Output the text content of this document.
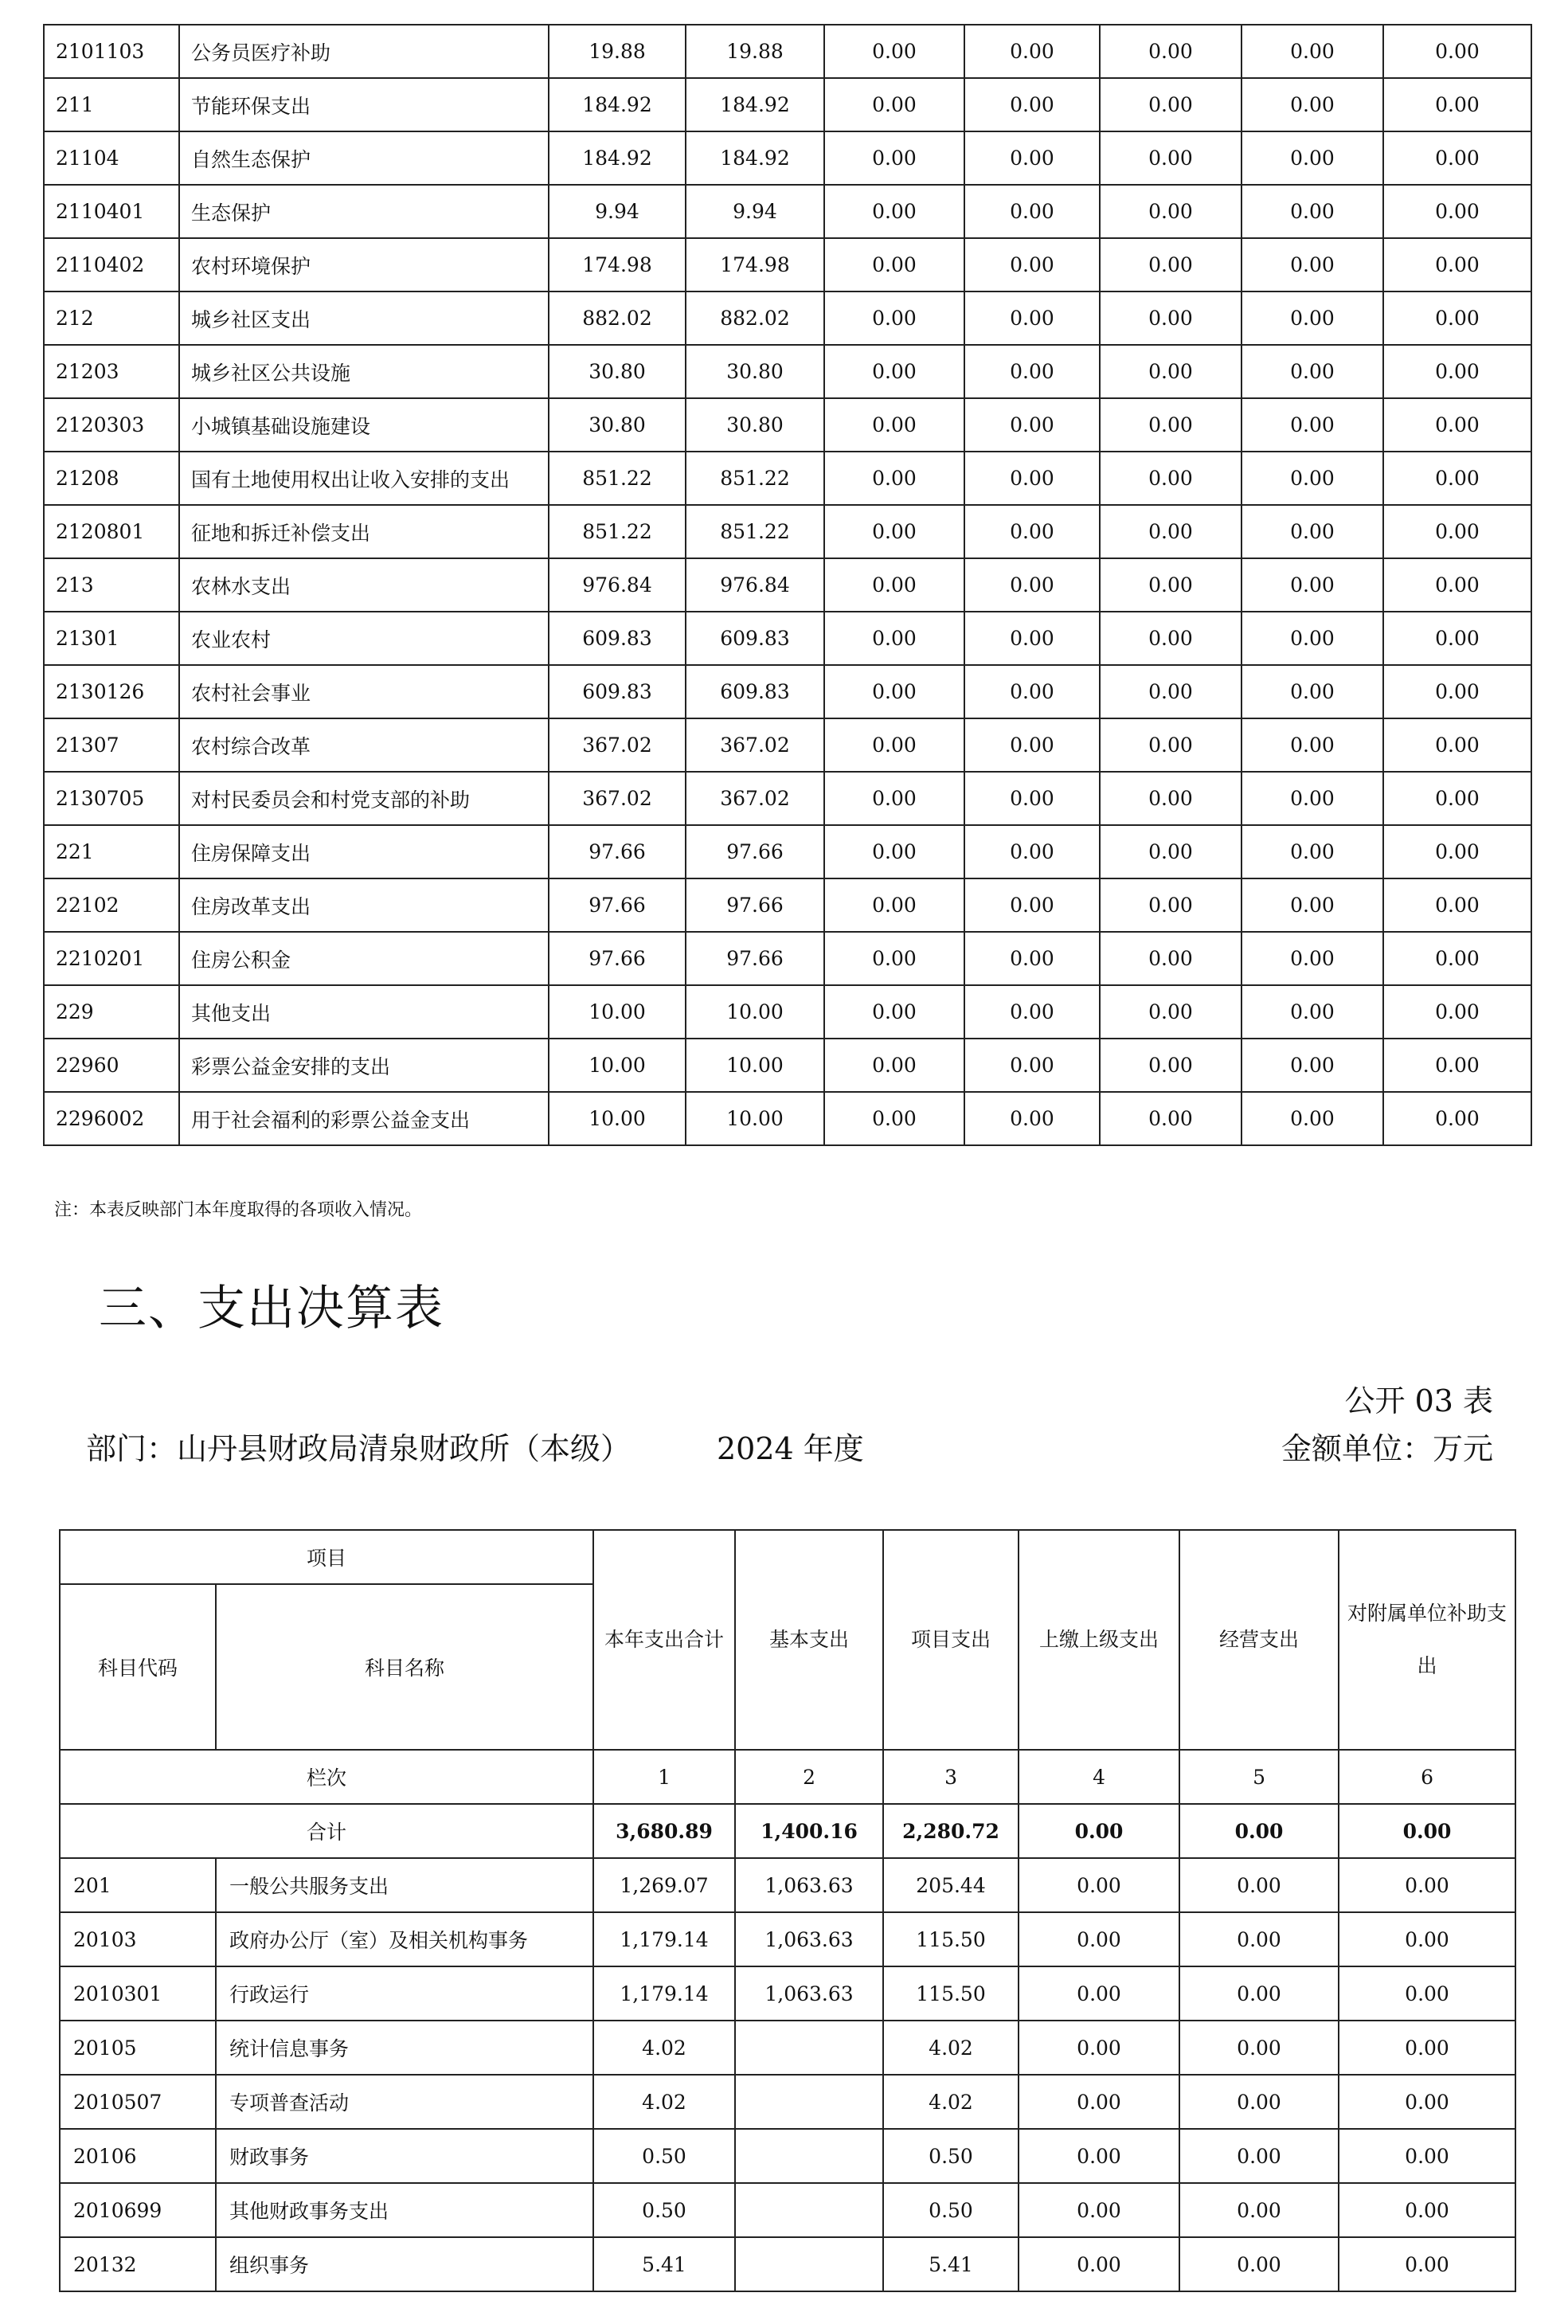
2101103	公务员医疗补助	19.88	19.88	0.00	0.00	0.00	0.00	0.00
211	节能环保支出	184.92	184.92	0.00	0.00	0.00	0.00	0.00
21104	自然生态保护	184.92	184.92	0.00	0.00	0.00	0.00	0.00
2110401	生态保护	9.94	9.94	0.00	0.00	0.00	0.00	0.00
2110402	农村环境保护	174.98	174.98	0.00	0.00	0.00	0.00	0.00
212	城乡社区支出	882.02	882.02	0.00	0.00	0.00	0.00	0.00
21203	城乡社区公共设施	30.80	30.80	0.00	0.00	0.00	0.00	0.00
2120303	小城镇基础设施建设	30.80	30.80	0.00	0.00	0.00	0.00	0.00
21208	国有土地使用权出让收入安排的支出	851.22	851.22	0.00	0.00	0.00	0.00	0.00
2120801	征地和拆迁补偿支出	851.22	851.22	0.00	0.00	0.00	0.00	0.00
213	农林水支出	976.84	976.84	0.00	0.00	0.00	0.00	0.00
21301	农业农村	609.83	609.83	0.00	0.00	0.00	0.00	0.00
2130126	农村社会事业	609.83	609.83	0.00	0.00	0.00	0.00	0.00
21307	农村综合改革	367.02	367.02	0.00	0.00	0.00	0.00	0.00
2130705	对村民委员会和村党支部的补助	367.02	367.02	0.00	0.00	0.00	0.00	0.00
221	住房保障支出	97.66	97.66	0.00	0.00	0.00	0.00	0.00
22102	住房改革支出	97.66	97.66	0.00	0.00	0.00	0.00	0.00
2210201	住房公积金	97.66	97.66	0.00	0.00	0.00	0.00	0.00
229	其他支出	10.00	10.00	0.00	0.00	0.00	0.00	0.00
22960	彩票公益金安排的支出	10.00	10.00	0.00	0.00	0.00	0.00	0.00
2296002	用于社会福利的彩票公益金支出	10.00	10.00	0.00	0.00	0.00	0.00	0.00
注：本表反映部门本年度取得的各项收入情况。
三、支出决算表
公开 03 表
部门：山丹县财政局清泉财政所（本级）	2024 年度	金额单位：万元
项目		本年支出合计	基本支出	项目支出	上缴上级支出	经营支出	对附属单位补助支出
科目代码	科目名称						
栏次		1	2	3	4	5	6
合计		3,680.89	1,400.16	2,280.72	0.00	0.00	0.00
201	一般公共服务支出	1,269.07	1,063.63	205.44	0.00	0.00	0.00
20103	政府办公厅（室）及相关机构事务	1,179.14	1,063.63	115.50	0.00	0.00	0.00
2010301	行政运行	1,179.14	1,063.63	115.50	0.00	0.00	0.00
20105	统计信息事务	4.02		4.02	0.00	0.00	0.00
2010507	专项普查活动	4.02		4.02	0.00	0.00	0.00
20106	财政事务	0.50		0.50	0.00	0.00	0.00
2010699	其他财政事务支出	0.50		0.50	0.00	0.00	0.00
20132	组织事务	5.41		5.41	0.00	0.00	0.00
